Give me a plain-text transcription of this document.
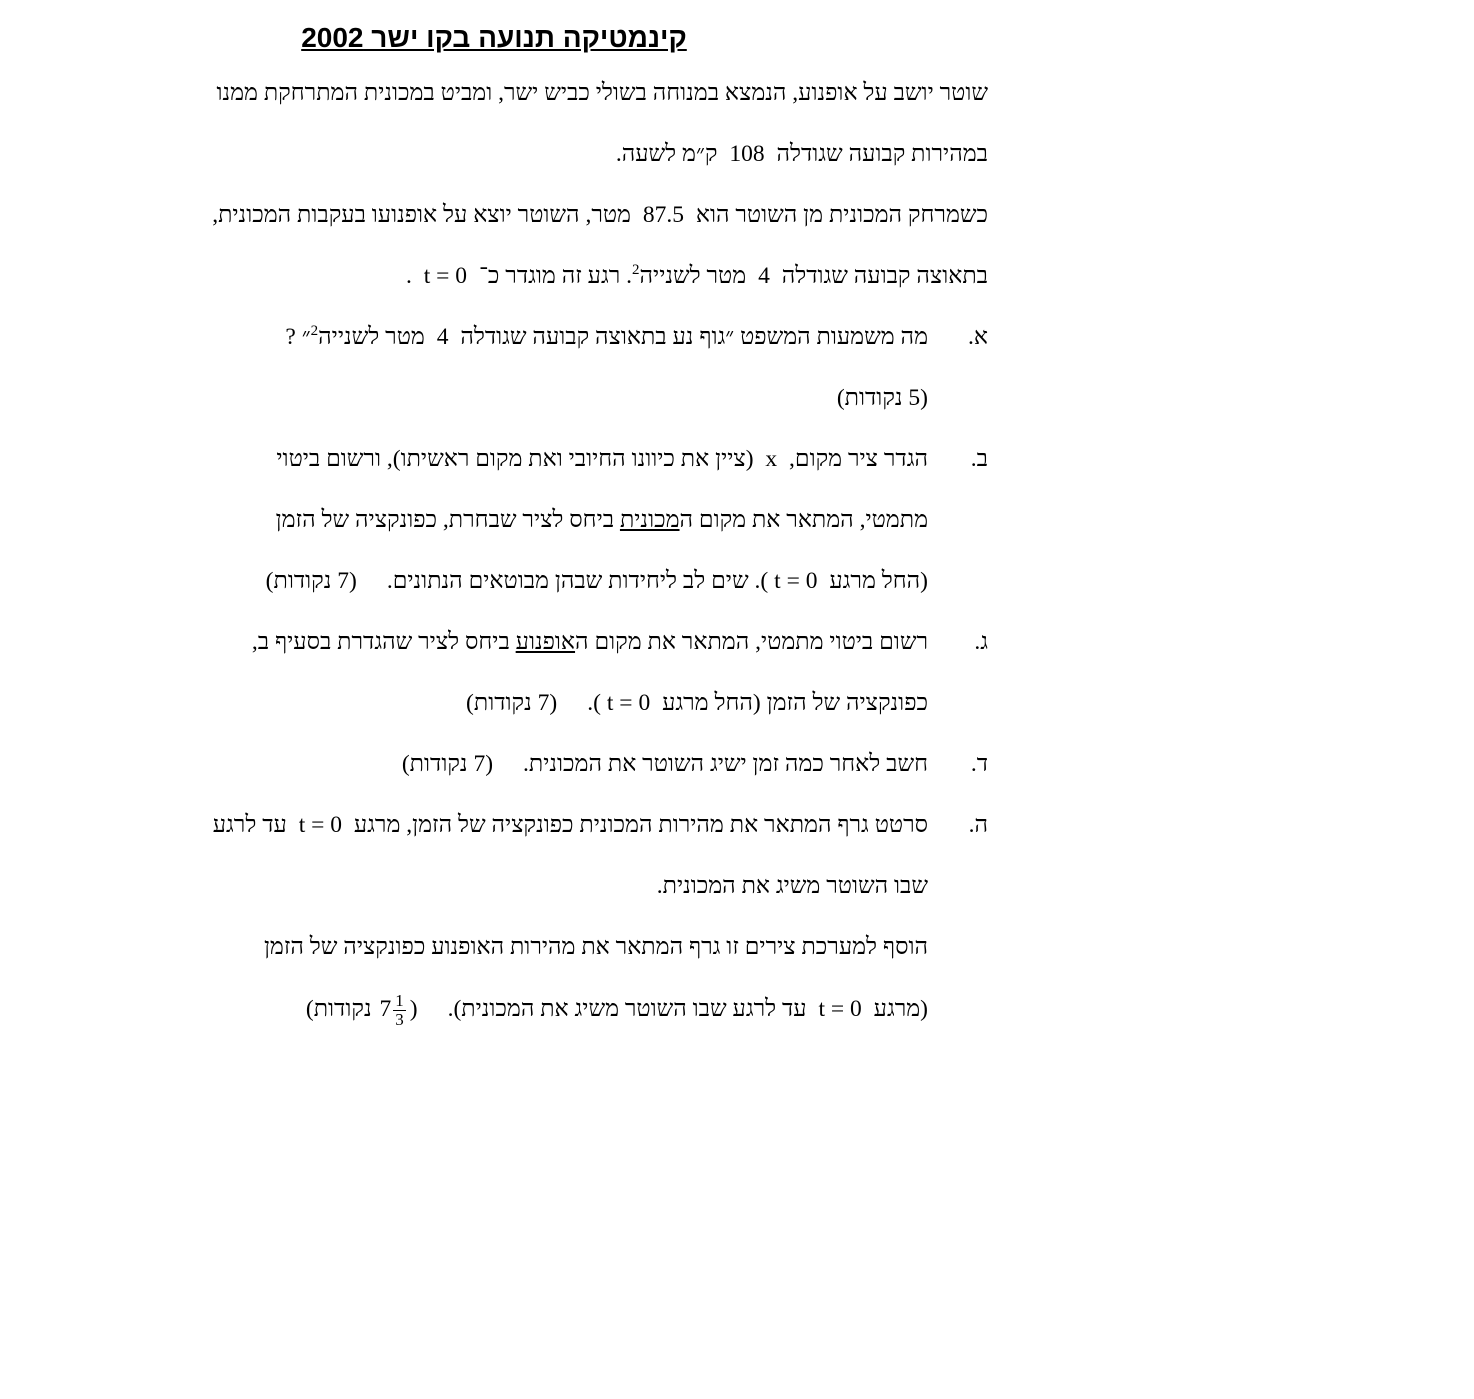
קינמטיקה תנועה בקו ישר 2002
שוטר יושב על אופנוע, הנמצא במנוחה בשולי כביש ישר, ומביט במכונית המתרחקת ממנו
במהירות קבועה שגודלה 108 ק״מ לשעה.
כשמרחק המכונית מן השוטר הוא 87.5 מטר, השוטר יוצא על אופנועו בעקבות המכונית,
בתאוצה קבועה שגודלה 4 מטר לשנייה$^2$. רגע זה מוגדר כ־ t = 0 .
א.
מה משמעות המשפט ״גוף נע בתאוצה קבועה שגודלה 4 מטר לשנייה$^2$״ ?
(5 נקודות)
ב.
הגדר ציר מקום, x (ציין את כיוונו החיובי ואת מקום ראשיתו), ורשום ביטוי
מתמטי, המתאר את מקום המכונית ביחס לציר שבחרת, כפונקציה של הזמן
(החל מרגע t = 0). שים לב ליחידות שבהן מבוטאים הנתונים.(7 נקודות)
ג.
רשום ביטוי מתמטי, המתאר את מקום האופנוע ביחס לציר שהגדרת בסעיף ב,
כפונקציה של הזמן (החל מרגע t = 0).(7 נקודות)
ד.
חשב לאחר כמה זמן ישיג השוטר את המכונית.(7 נקודות)
ה.
סרטט גרף המתאר את מהירות המכונית כפונקציה של הזמן, מרגע t = 0 עד לרגע
שבו השוטר משיג את המכונית.
הוסף למערכת צירים זו גרף המתאר את מהירות האופנוע כפונקציה של הזמן
(מרגע t = 0 עד לרגע שבו השוטר משיג את המכונית).(7 $\frac{1}{3}$
נקודות)
